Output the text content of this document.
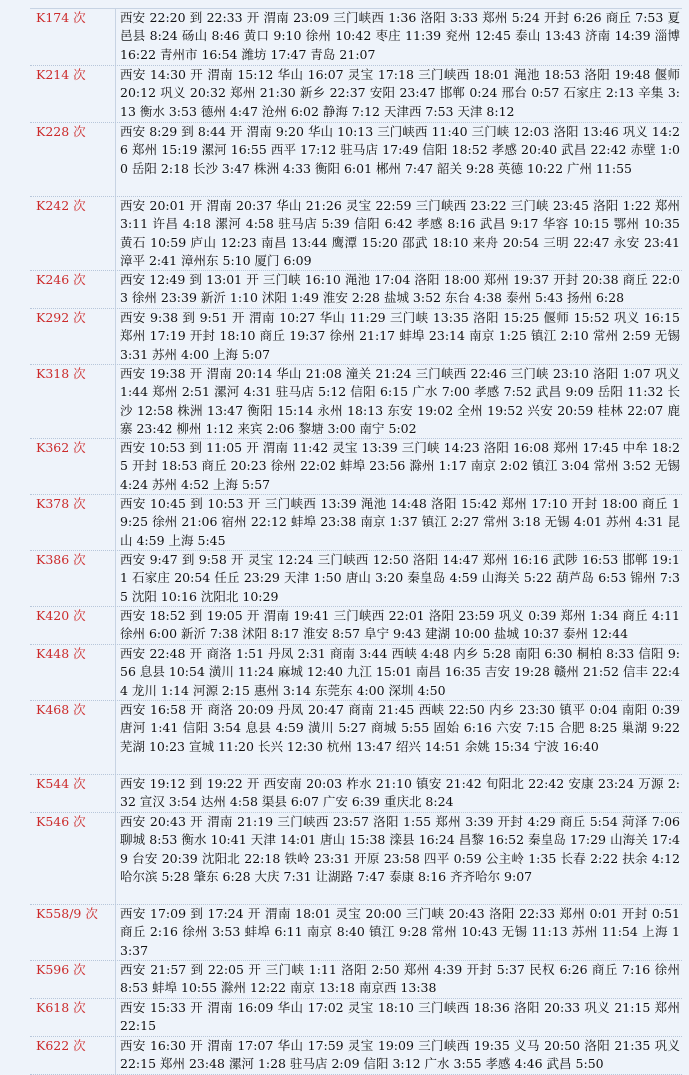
K174 次	西安 22:20 到 22:33 开 渭南 23:09 三门峡西 1:36 洛阳 3:33 郑州 5:24 开封 6:26 商丘 7:53 夏邑县 8:24 砀山 8:46 黄口 9:10 徐州 10:42 枣庄 11:39 兖州 12:45 泰山 13:43 济南 14:39 淄博 16:22 青州市 16:54 潍坊 17:47 青岛 21:07
K214 次	西安 14:30 开 渭南 15:12 华山 16:07 灵宝 17:18 三门峡西 18:01 渑池 18:53 洛阳 19:48 偃师 20:12 巩义 20:32 郑州 21:30 新乡 22:37 安阳 23:47 邯郸 0:24 邢台 0:57 石家庄 2:13 辛集 3:13 衡水 3:53 德州 4:47 沧州 6:02 静海 7:12 天津西 7:53 天津 8:12
K228 次	西安 8:29 到 8:44 开 渭南 9:20 华山 10:13 三门峡西 11:40 三门峡 12:03 洛阳 13:46 巩义 14:26 郑州 15:19 漯河 16:55 西平 17:12 驻马店 17:49 信阳 18:52 孝感 20:40 武昌 22:42 赤壁 1:00 岳阳 2:18 长沙 3:47 株洲 4:33 衡阳 6:01 郴州 7:47 韶关 9:28 英德 10:22 广州 11:55
K242 次	西安 20:01 开 渭南 20:37 华山 21:26 灵宝 22:59 三门峡西 23:22 三门峡 23:45 洛阳 1:22 郑州 3:11 许昌 4:18 漯河 4:58 驻马店 5:39 信阳 6:42 孝感 8:16 武昌 9:17 华容 10:15 鄂州 10:35 黄石 10:59 庐山 12:23 南昌 13:44 鹰潭 15:20 邵武 18:10 来舟 20:54 三明 22:47 永安 23:41 漳平 2:41 漳州东 5:10 厦门 6:09
K246 次	西安 12:49 到 13:01 开 三门峡 16:10 渑池 17:04 洛阳 18:00 郑州 19:37 开封 20:38 商丘 22:03 徐州 23:39 新沂 1:10 沭阳 1:49 淮安 2:28 盐城 3:52 东台 4:38 泰州 5:43 扬州 6:28
K292 次	西安 9:38 到 9:51 开 渭南 10:27 华山 11:29 三门峡 13:35 洛阳 15:25 偃师 15:52 巩义 16:15 郑州 17:19 开封 18:10 商丘 19:37 徐州 21:17 蚌埠 23:14 南京 1:25 镇江 2:10 常州 2:59 无锡 3:31 苏州 4:00 上海 5:07
K318 次	西安 19:38 开 渭南 20:14 华山 21:08 潼关 21:24 三门峡西 22:46 三门峡 23:10 洛阳 1:07 巩义 1:44 郑州 2:51 漯河 4:31 驻马店 5:12 信阳 6:15 广水 7:00 孝感 7:52 武昌 9:09 岳阳 11:32 长沙 12:58 株洲 13:47 衡阳 15:14 永州 18:13 东安 19:02 全州 19:52 兴安 20:59 桂林 22:07 鹿寨 23:42 柳州 1:12 来宾 2:06 黎塘 3:00 南宁 5:02
K362 次	西安 10:53 到 11:05 开 渭南 11:42 灵宝 13:39 三门峡 14:23 洛阳 16:08 郑州 17:45 中牟 18:25 开封 18:53 商丘 20:23 徐州 22:02 蚌埠 23:56 滁州 1:17 南京 2:02 镇江 3:04 常州 3:52 无锡 4:24 苏州 4:52 上海 5:57
K378 次	西安 10:45 到 10:53 开 三门峡西 13:39 渑池 14:48 洛阳 15:42 郑州 17:10 开封 18:00 商丘 19:25 徐州 21:06 宿州 22:12 蚌埠 23:38 南京 1:37 镇江 2:27 常州 3:18 无锡 4:01 苏州 4:31 昆山 4:59 上海 5:45
K386 次	西安 9:47 到 9:58 开 灵宝 12:24 三门峡西 12:50 洛阳 14:47 郑州 16:16 武陟 16:53 邯郸 19:11 石家庄 20:54 任丘 23:29 天津 1:50 唐山 3:20 秦皇岛 4:59 山海关 5:22 葫芦岛 6:53 锦州 7:35 沈阳 10:16 沈阳北 10:29
K420 次	西安 18:52 到 19:05 开 渭南 19:41 三门峡西 22:01 洛阳 23:59 巩义 0:39 郑州 1:34 商丘 4:11 徐州 6:00 新沂 7:38 沭阳 8:17 淮安 8:57 阜宁 9:43 建湖 10:00 盐城 10:37 泰州 12:44
K448 次	西安 22:48 开 商洛 1:51 丹凤 2:31 商南 3:44 西峡 4:48 内乡 5:28 南阳 6:30 桐柏 8:33 信阳 9:56 息县 10:54 潢川 11:24 麻城 12:40 九江 15:01 南昌 16:35 吉安 19:28 赣州 21:52 信丰 22:44 龙川 1:14 河源 2:15 惠州 3:14 东莞东 4:00 深圳 4:50
K468 次	西安 16:58 开 商洛 20:09 丹凤 20:47 商南 21:45 西峡 22:50 内乡 23:30 镇平 0:04 南阳 0:39 唐河 1:41 信阳 3:54 息县 4:59 潢川 5:27 商城 5:55 固始 6:16 六安 7:15 合肥 8:25 巢湖 9:22 芜湖 10:23 宣城 11:20 长兴 12:30 杭州 13:47 绍兴 14:51 余姚 15:34 宁波 16:40
K544 次	西安 19:12 到 19:22 开 西安南 20:03 柞水 21:10 镇安 21:42 旬阳北 22:42 安康 23:24 万源 2:32 宣汉 3:54 达州 4:58 渠县 6:07 广安 6:39 重庆北 8:24
K546 次	西安 20:43 开 渭南 21:19 三门峡西 23:57 洛阳 1:55 郑州 3:39 开封 4:29 商丘 5:54 菏泽 7:06 聊城 8:53 衡水 10:41 天津 14:01 唐山 15:38 滦县 16:24 昌黎 16:52 秦皇岛 17:29 山海关 17:49 台安 20:39 沈阳北 22:18 铁岭 23:31 开原 23:58 四平 0:59 公主岭 1:35 长春 2:22 扶余 4:12 哈尔滨 5:28 肇东 6:28 大庆 7:31 让湖路 7:47 泰康 8:16 齐齐哈尔 9:07
K558/9 次	西安 17:09 到 17:24 开 渭南 18:01 灵宝 20:00 三门峡 20:43 洛阳 22:33 郑州 0:01 开封 0:51 商丘 2:16 徐州 3:53 蚌埠 6:11 南京 8:40 镇江 9:28 常州 10:43 无锡 11:13 苏州 11:54 上海 13:37
K596 次	西安 21:57 到 22:05 开 三门峡 1:11 洛阳 2:50 郑州 4:39 开封 5:37 民权 6:26 商丘 7:16 徐州 8:53 蚌埠 10:55 滁州 12:22 南京 13:18 南京西 13:38
K618 次	西安 15:33 开 渭南 16:09 华山 17:02 灵宝 18:10 三门峡西 18:36 洛阳 20:33 巩义 21:15 郑州 22:15
K622 次	西安 16:30 开 渭南 17:07 华山 17:59 灵宝 19:09 三门峡西 19:35 义马 20:50 洛阳 21:35 巩义 22:15 郑州 23:48 漯河 1:28 驻马店 2:09 信阳 3:12 广水 3:55 孝感 4:46 武昌 5:50
